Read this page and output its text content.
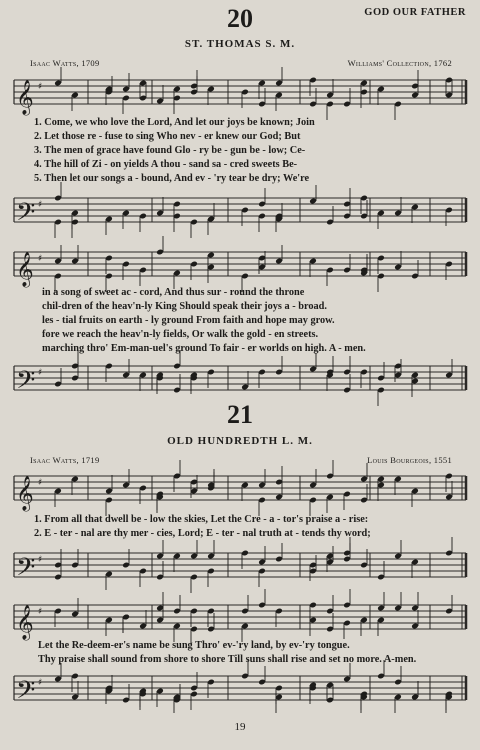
GOD OUR FATHER
20
ST. THOMAS S. M.
Isaac Watts, 1709	Williams' Collection, 1762
𝄞 ♯
1. Come, we who love the Lord, And let our joys be known; Join
2. Let those re - fuse to sing Who nev - er knew our God; But
3. The men of grace have found Glo - ry be - gun be - low; Ce-
4. The hill of Zi - on yields A thou - sand sa - cred sweets Be-
5. Then let our songs a - bound, And ev - 'ry tear be dry; We're
𝄢 ♯
𝄞 ♯
in a song of sweet ac - cord, And thus sur - round the throne
chil-dren of the heav'n-ly King Should speak their joys a - broad.
les - tial fruits on earth - ly ground From faith and hope may grow.
fore we reach the heav'n-ly fields, Or walk the gold - en streets.
marching thro' Em-man-uel's ground To fair - er worlds on high. A - men.
𝄢 ♯
21
OLD HUNDREDTH L. M.
Isaac Watts, 1719	Louis Bourgeois, 1551
𝄞 ♯
1. From all that dwell be - low the skies, Let the Cre - a - tor's praise a - rise:
2. E - ter - nal are thy mer - cies, Lord; E - ter - nal truth at - tends thy word;
𝄢 ♯
𝄞 ♯
Let the Re-deem-er's name be sung Thro' ev-'ry land, by ev-'ry tongue.
Thy praise shall sound from shore to shore Till suns shall rise and set no more. A-men.
𝄢 ♯
19
